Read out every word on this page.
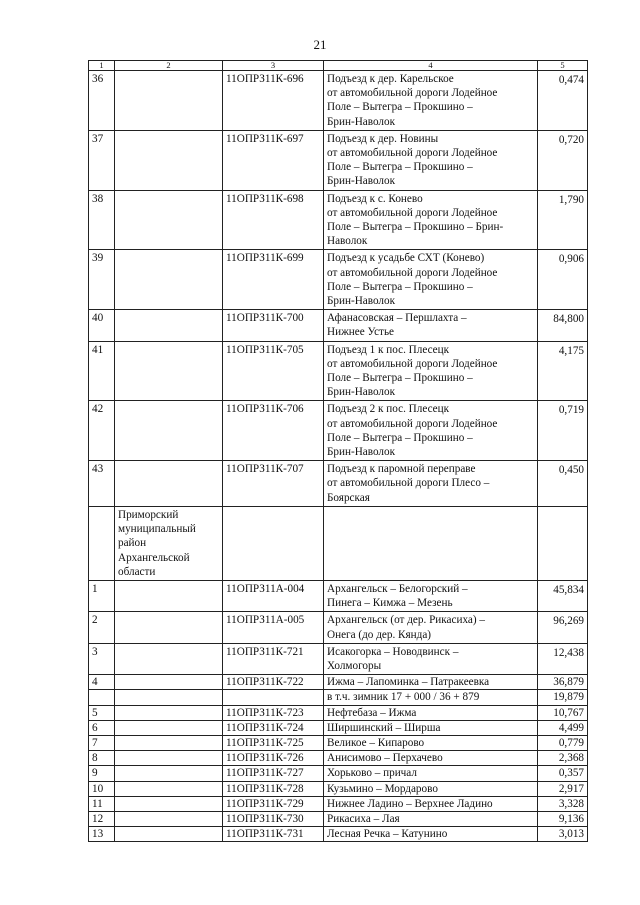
21
1	2	3	4	5
36		11ОПРЗ11К-696	Подъезд к дер. Карельское
от автомобильной дороги Лодейное
Поле – Вытегра – Прокшино –
Брин-Наволок	0,474
37		11ОПРЗ11К-697	Подъезд к дер. Новины
от автомобильной дороги Лодейное
Поле – Вытегра – Прокшино –
Брин-Наволок	0,720
38		11ОПРЗ11К-698	Подъезд к с. Конево
от автомобильной дороги Лодейное
Поле – Вытегра – Прокшино – Брин-
Наволок	1,790
39		11ОПРЗ11К-699	Подъезд к усадьбе СХТ (Конево)
от автомобильной дороги Лодейное
Поле – Вытегра – Прокшино –
Брин-Наволок	0,906
40		11ОПРЗ11К-700	Афанасовская – Першлахта –
Нижнее Устье	84,800
41		11ОПРЗ11К-705	Подъезд 1 к пос. Плесецк
от автомобильной дороги Лодейное
Поле – Вытегра – Прокшино –
Брин-Наволок	4,175
42		11ОПРЗ11К-706	Подъезд 2 к пос. Плесецк
от автомобильной дороги Лодейное
Поле – Вытегра – Прокшино –
Брин-Наволок	0,719
43		11ОПРЗ11К-707	Подъезд к паромной переправе
от автомобильной дороги Плесо –
Боярская	0,450
	Приморский
муниципальный
район
Архангельской
области			
1		11ОПРЗ11А-004	Архангельск – Белогорский –
Пинега – Кимжа – Мезень	45,834
2		11ОПРЗ11А-005	Архангельск (от дер. Рикасиха) –
Онега (до дер. Кянда)	96,269
3		11ОПРЗ11К-721	Исакогорка – Новодвинск –
Холмогоры	12,438
4		11ОПРЗ11К-722	Ижма – Лапоминка – Патракеевка	36,879
			в т.ч. зимник 17 + 000 / 36 + 879	19,879
5		11ОПРЗ11К-723	Нефтебаза – Ижма	10,767
6		11ОПРЗ11К-724	Ширшинский – Ширша	4,499
7		11ОПРЗ11К-725	Великое – Кипарово	0,779
8		11ОПРЗ11К-726	Анисимово – Перхачево	2,368
9		11ОПРЗ11К-727	Хорьково – причал	0,357
10		11ОПРЗ11К-728	Кузьмино – Мордарово	2,917
11		11ОПРЗ11К-729	Нижнее Ладино – Верхнее Ладино	3,328
12		11ОПРЗ11К-730	Рикасиха – Лая	9,136
13		11ОПРЗ11К-731	Лесная Речка – Катунино	3,013
